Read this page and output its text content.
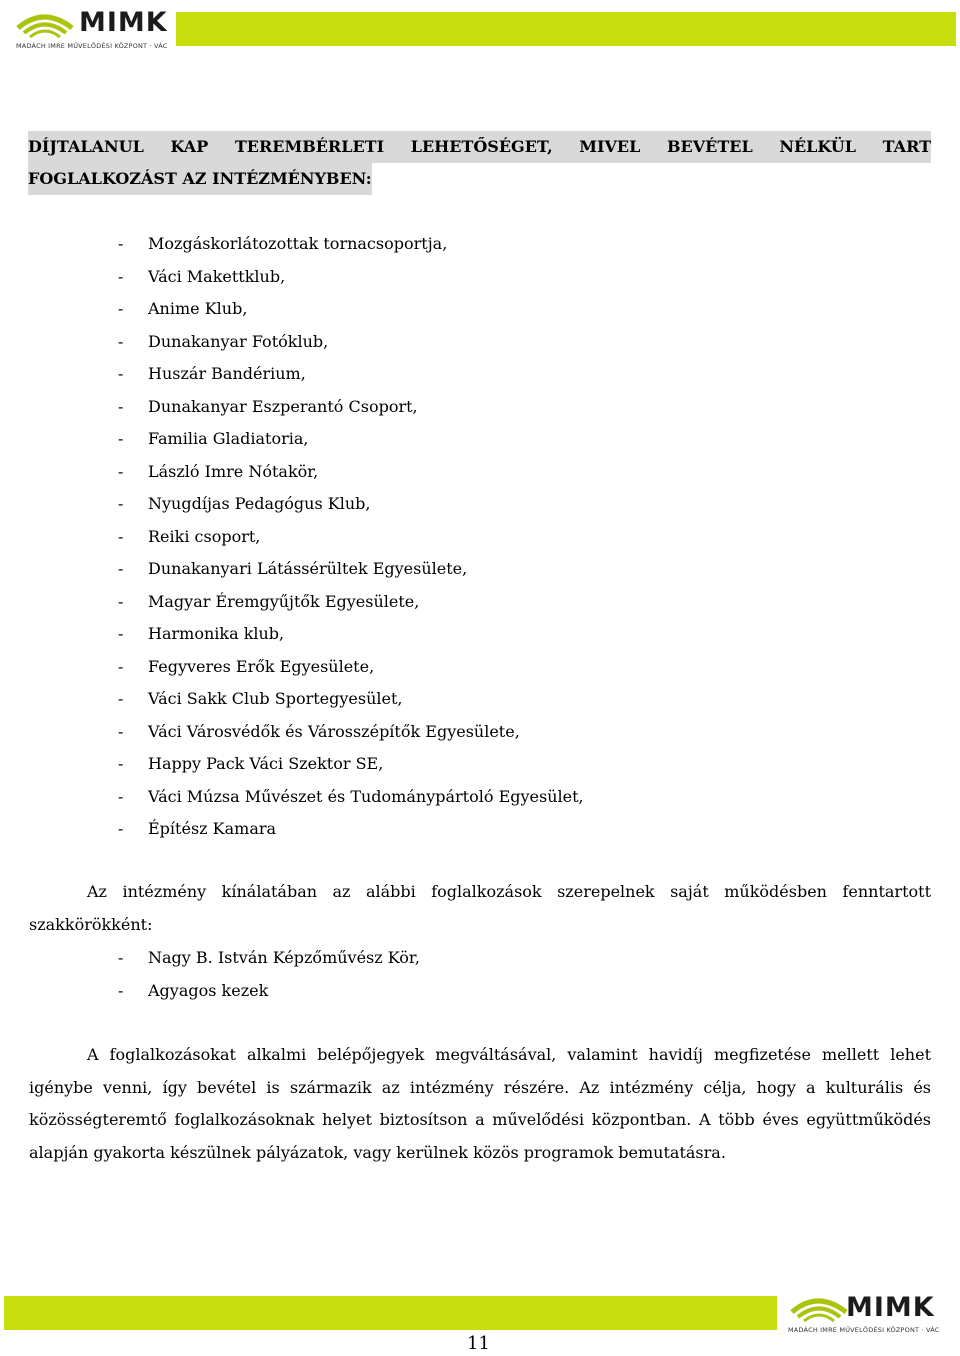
MIMK
MADÁCH IMRE MŰVELŐDÉSI KÖZPONT · VÁC
DÍJTALANUL KAP TEREMBÉRLETI LEHETŐSÉGET, MIVEL BEVÉTEL NÉLKÜL TART
FOGLALKOZÁST AZ INTÉZMÉNYBEN:
- Mozgáskorlátozottak tornacsoportja,
- Váci Makettklub,
- Anime Klub,
- Dunakanyar Fotóklub,
- Huszár Bandérium,
- Dunakanyar Eszperantó Csoport,
- Familia Gladiatoria,
- László Imre Nótakör,
- Nyugdíjas Pedagógus Klub,
- Reiki csoport,
- Dunakanyari Látássérültek Egyesülete,
- Magyar Éremgyűjtők Egyesülete,
- Harmonika klub,
- Fegyveres Erők Egyesülete,
- Váci Sakk Club Sportegyesület,
- Váci Városvédők és Városszépítők Egyesülete,
- Happy Pack Váci Szektor SE,
- Váci Múzsa Művészet és Tudománypártoló Egyesület,
- Építész Kamara

Az intézmény kínálatában az alábbi foglalkozások szerepelnek saját működésben fenntartott szakkörökként:

- Nagy B. István Képzőművész Kör,
- Agyagos kezek

A foglalkozásokat alkalmi belépőjegyek megváltásával, valamint havidíj megfizetése mellett lehet igénybe venni, így bevétel is származik az intézmény részére. Az intézmény célja, hogy a kulturális és közösségteremtő foglalkozásoknak helyet biztosítson a művelődési központban. A több éves együttműködés alapján gyakorta készülnek pályázatok, vagy kerülnek közös programok bemutatásra.

MIMK
MADÁCH IMRE MŰVELŐDÉSI KÖZPONT · VÁC
11
